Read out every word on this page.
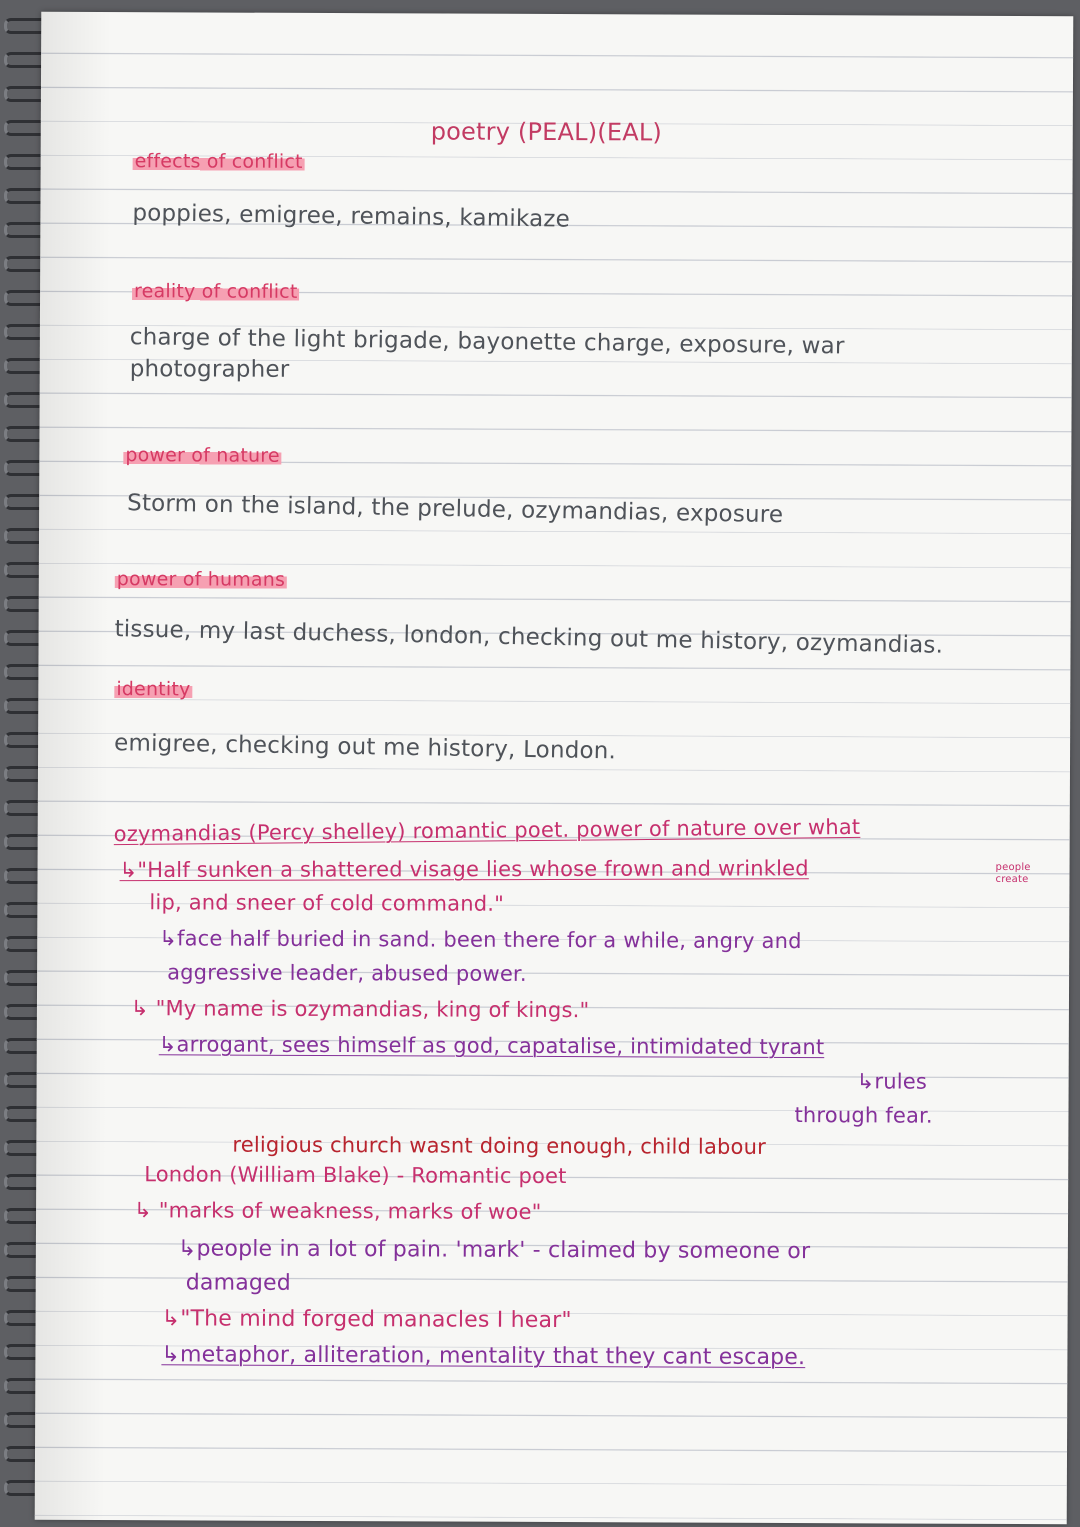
poetry (PEAL)(EAL)
effects of conflict
poppies, emigree, remains, kamikaze
reality of conflict
charge of the light brigade, bayonette charge, exposure, war
photographer
power of nature
Storm on the island, the prelude, ozymandias, exposure
power of humans
tissue, my last duchess, london, checking out me history, ozymandias.
identity
emigree, checking out me history, London.
ozymandias (Percy shelley) romantic poet. power of nature over what
↳"Half sunken a shattered visage lies whose frown and wrinkled	people
create
lip, and sneer of cold command."
↳face half buried in sand. been there for a while, angry and
aggressive leader, abused power.
↳ "My name is ozymandias, king of kings."
↳arrogant, sees himself as god, capatalise, intimidated tyrant
↳rules
through fear.
religious church wasnt doing enough, child labour
London (William Blake) - Romantic poet
↳ "marks of weakness, marks of woe"
↳people in a lot of pain. 'mark' - claimed by someone or
damaged
↳"The mind forged manacles I hear"
↳metaphor, alliteration, mentality that they cant escape.
